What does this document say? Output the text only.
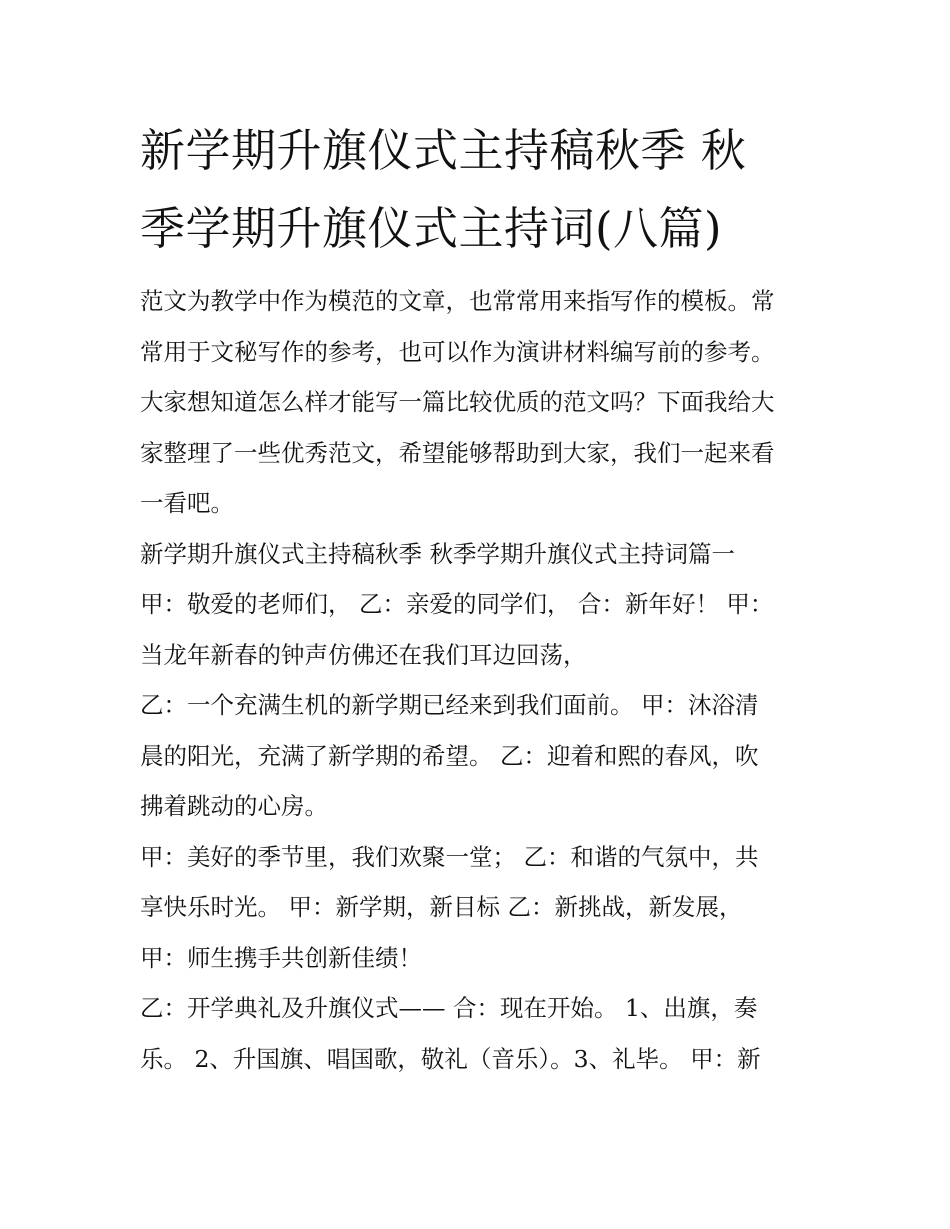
新学期升旗仪式主持稿秋季 秋
季学期升旗仪式主持词(八篇)
范文为教学中作为模范的文章，也常常用来指写作的模板。常
常用于文秘写作的参考，也可以作为演讲材料编写前的参考。
大家想知道怎么样才能写一篇比较优质的范文吗？下面我给大
家整理了一些优秀范文，希望能够帮助到大家，我们一起来看
一看吧。
新学期升旗仪式主持稿秋季 秋季学期升旗仪式主持词篇一
甲：敬爱的老师们， 乙：亲爱的同学们， 合：新年好！ 甲：
当龙年新春的钟声仿佛还在我们耳边回荡，
乙：一个充满生机的新学期已经来到我们面前。 甲：沐浴清
晨的阳光，充满了新学期的希望。 乙：迎着和熙的春风，吹
拂着跳动的心房。
甲：美好的季节里，我们欢聚一堂； 乙：和谐的气氛中，共
享快乐时光。 甲：新学期，新目标 乙：新挑战，新发展，
甲：师生携手共创新佳绩！
乙：开学典礼及升旗仪式—— 合：现在开始。 1、出旗，奏
乐。 2、升国旗、唱国歌，敬礼（音乐）。3、礼毕。 甲：新
